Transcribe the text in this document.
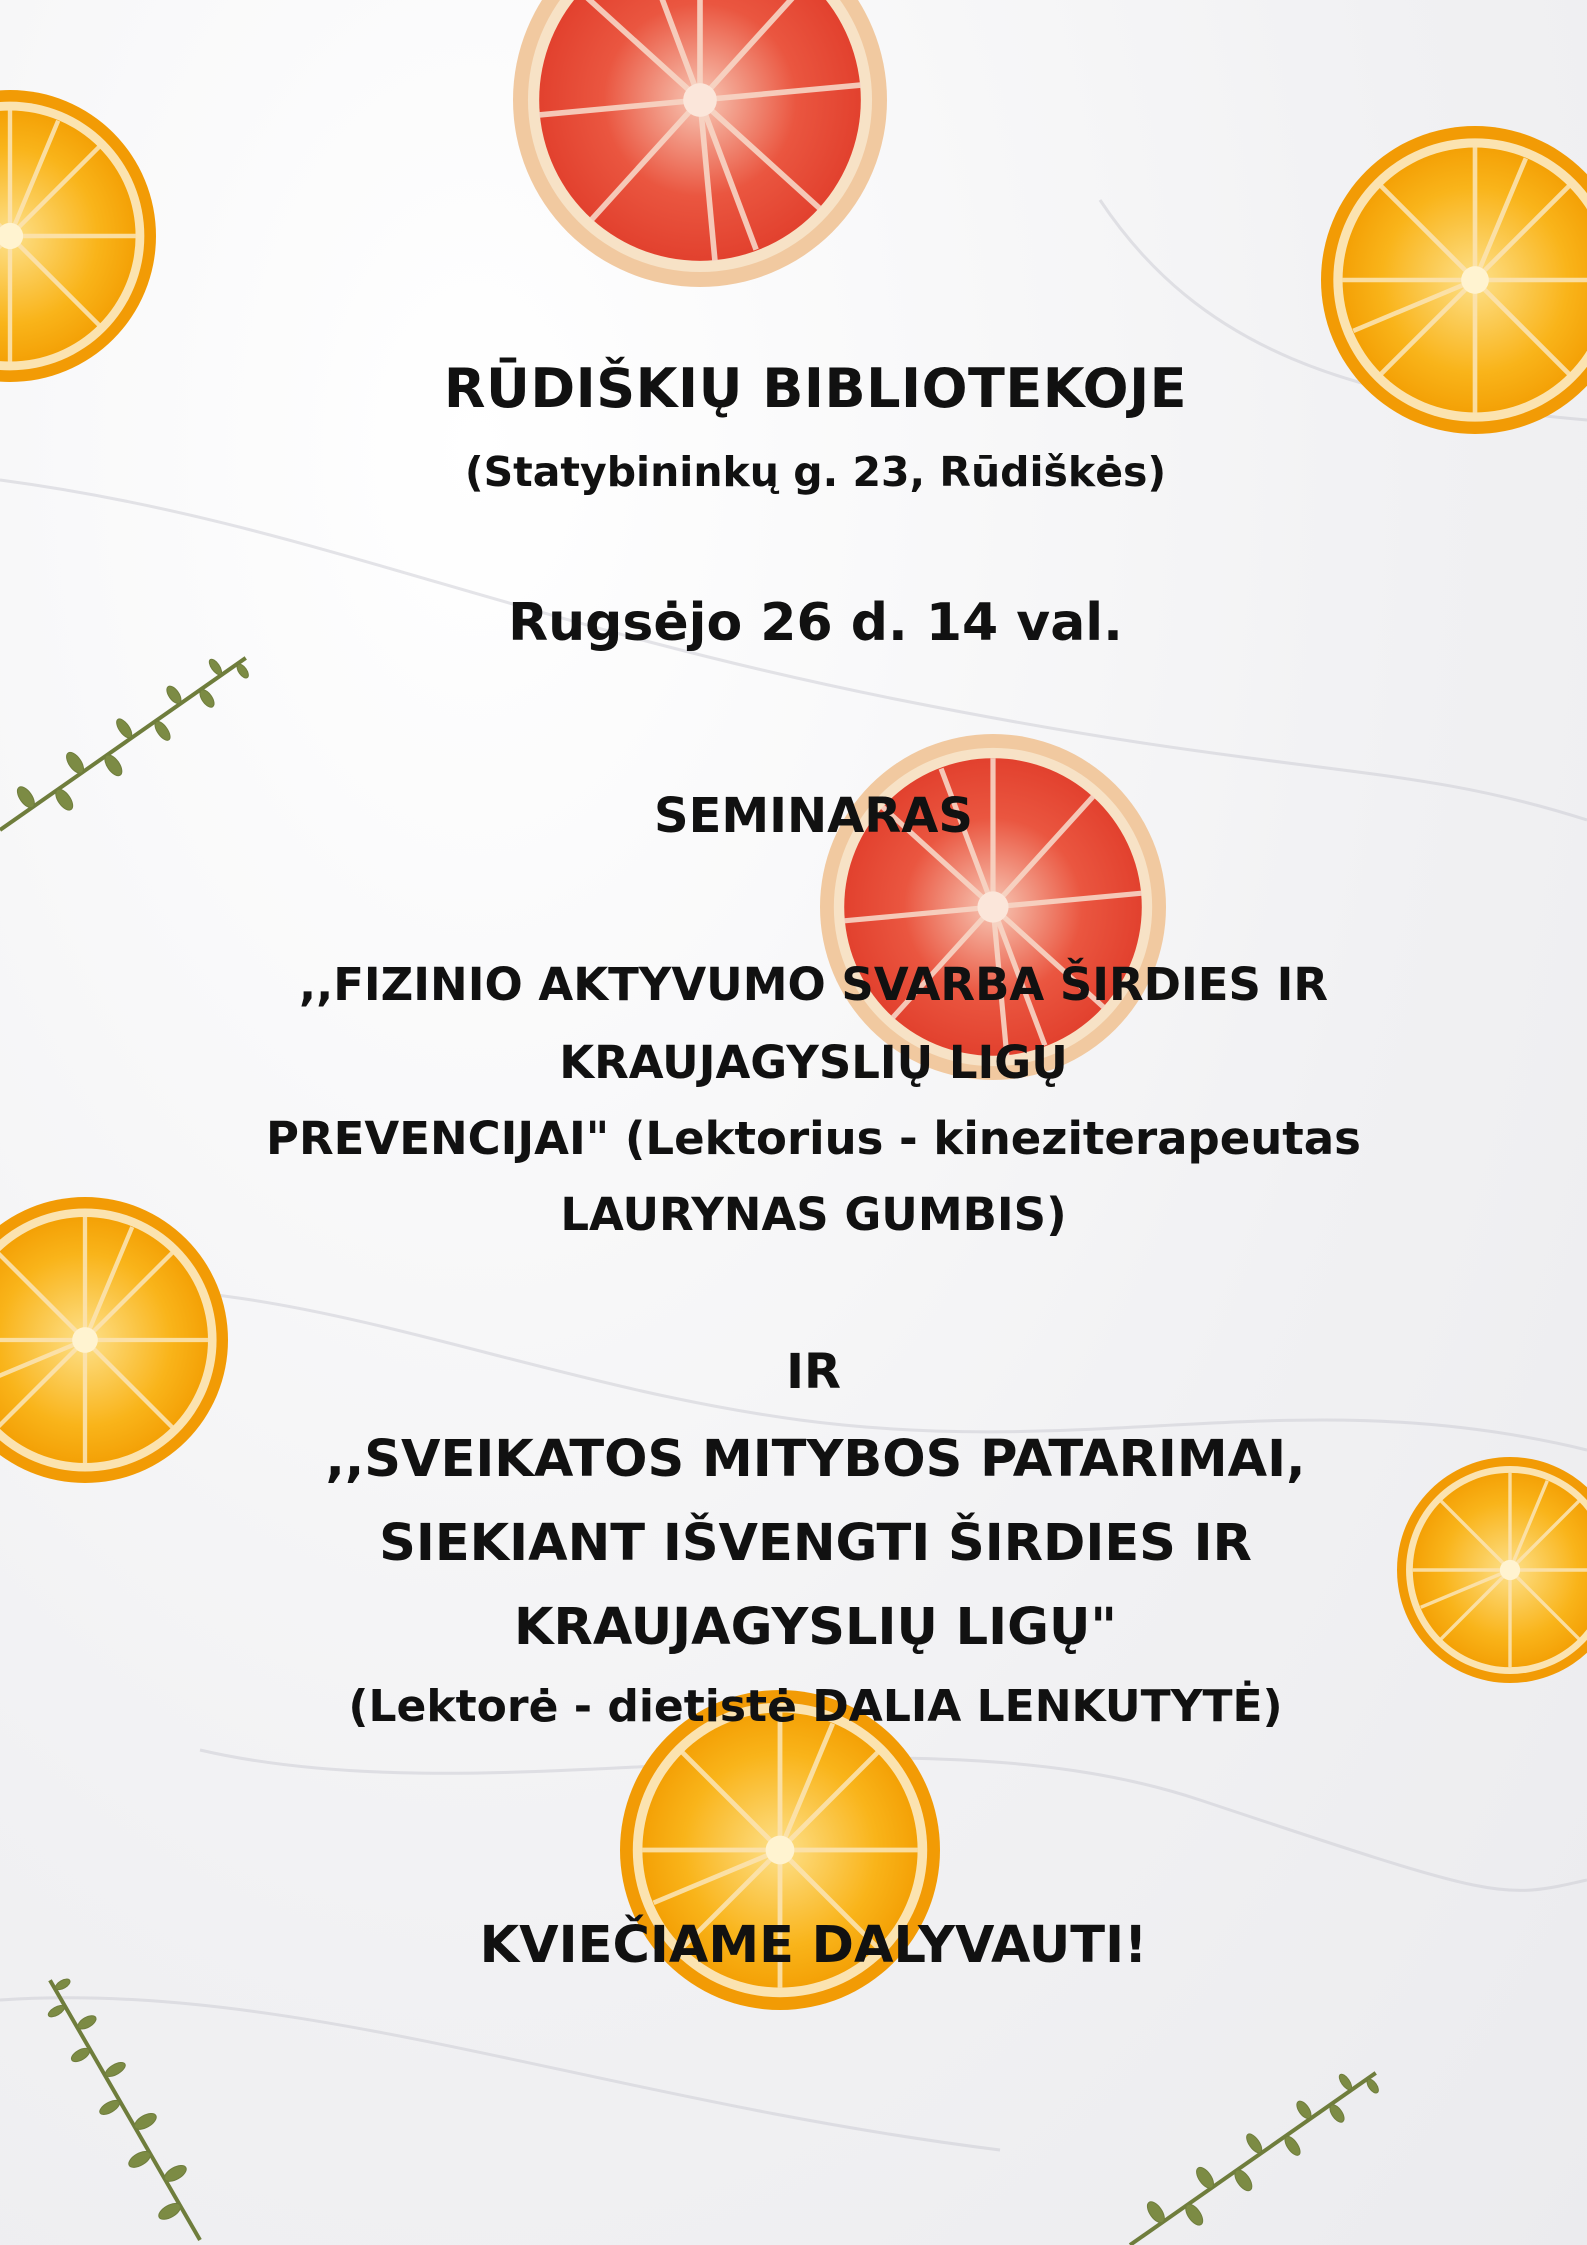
RŪDIŠKIŲ BIBLIOTEKOJE
(Statybininkų g. 23, Rūdiškės)
Rugsėjo 26 d. 14 val.
SEMINARAS
,,FIZINIO AKTYVUMO SVARBA ŠIRDIES IR
KRAUJAGYSLIŲ LIGŲ
PREVENCIJAI" (Lektorius - kineziterapeutas
LAURYNAS GUMBIS)
IR
,,SVEIKATOS MITYBOS PATARIMAI,
SIEKIANT IŠVENGTI ŠIRDIES IR
KRAUJAGYSLIŲ LIGŲ"
(Lektorė - dietistė DALIA LENKUTYTĖ)
KVIEČIAME DALYVAUTI!
